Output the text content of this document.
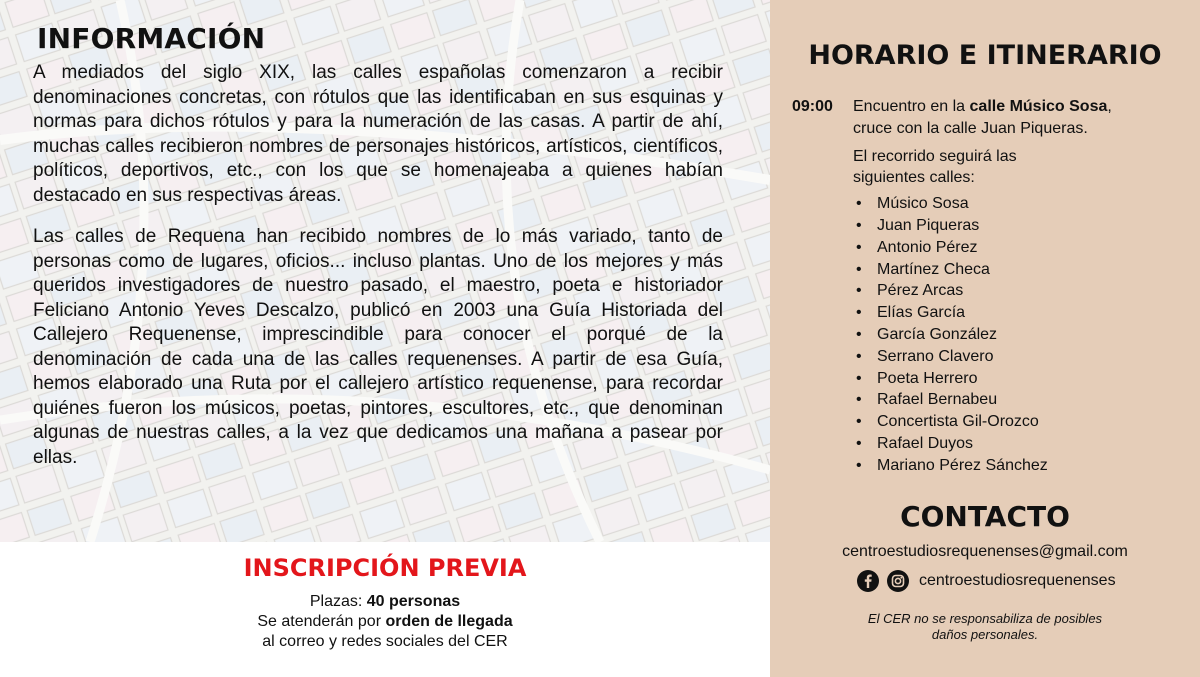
INFORMACIÓN

A mediados del siglo XIX, las calles españolas comenzaron a recibir denominaciones concretas, con rótulos que las identificaban en sus esquinas y normas para dichos rótulos y para la numeración de las casas. A partir de ahí, muchas calles recibieron nombres de personajes históricos, artísticos, científicos, políticos, deportivos, etc., con los que se homenajeaba a quienes habían destacado en sus respectivas áreas.

Las calles de Requena han recibido nombres de lo más variado, tanto de personas como de lugares, oficios... incluso plantas. Uno de los mejores y más queridos investigadores de nuestro pasado, el maestro, poeta e historiador Feliciano Antonio Yeves Descalzo, publicó en 2003 una Guía Historiada del Callejero Requenense, imprescindible para conocer el porqué de la denominación de cada una de las calles requenenses. A partir de esa Guía, hemos elaborado una Ruta por el callejero artístico requenense, para recordar quiénes fueron los músicos, poetas, pintores, escultores, etc., que denominan algunas de nuestras calles, a la vez que dedicamos una mañana a pasear por ellas.

INSCRIPCIÓN PREVIA
Plazas: 40 personas
Se atenderán por orden de llegada
al correo y redes sociales del CER
HORARIO E ITINERARIO
09:00 Encuentro en la calle Músico Sosa,
cruce con la calle Juan Piqueras.

El recorrido seguirá las siguientes calles:

• Músico Sosa
• Juan Piqueras
• Antonio Pérez
• Martínez Checa
• Pérez Arcas
• Elías García
• García González
• Serrano Clavero
• Poeta Herrero
• Rafael Bernabeu
• Concertista Gil-Orozco
• Rafael Duyos
• Mariano Pérez Sánchez
CONTACTO
centroestudiosrequenenses@gmail.com
centroestudiosrequenenses
El CER no se responsabiliza de posibles daños personales.
